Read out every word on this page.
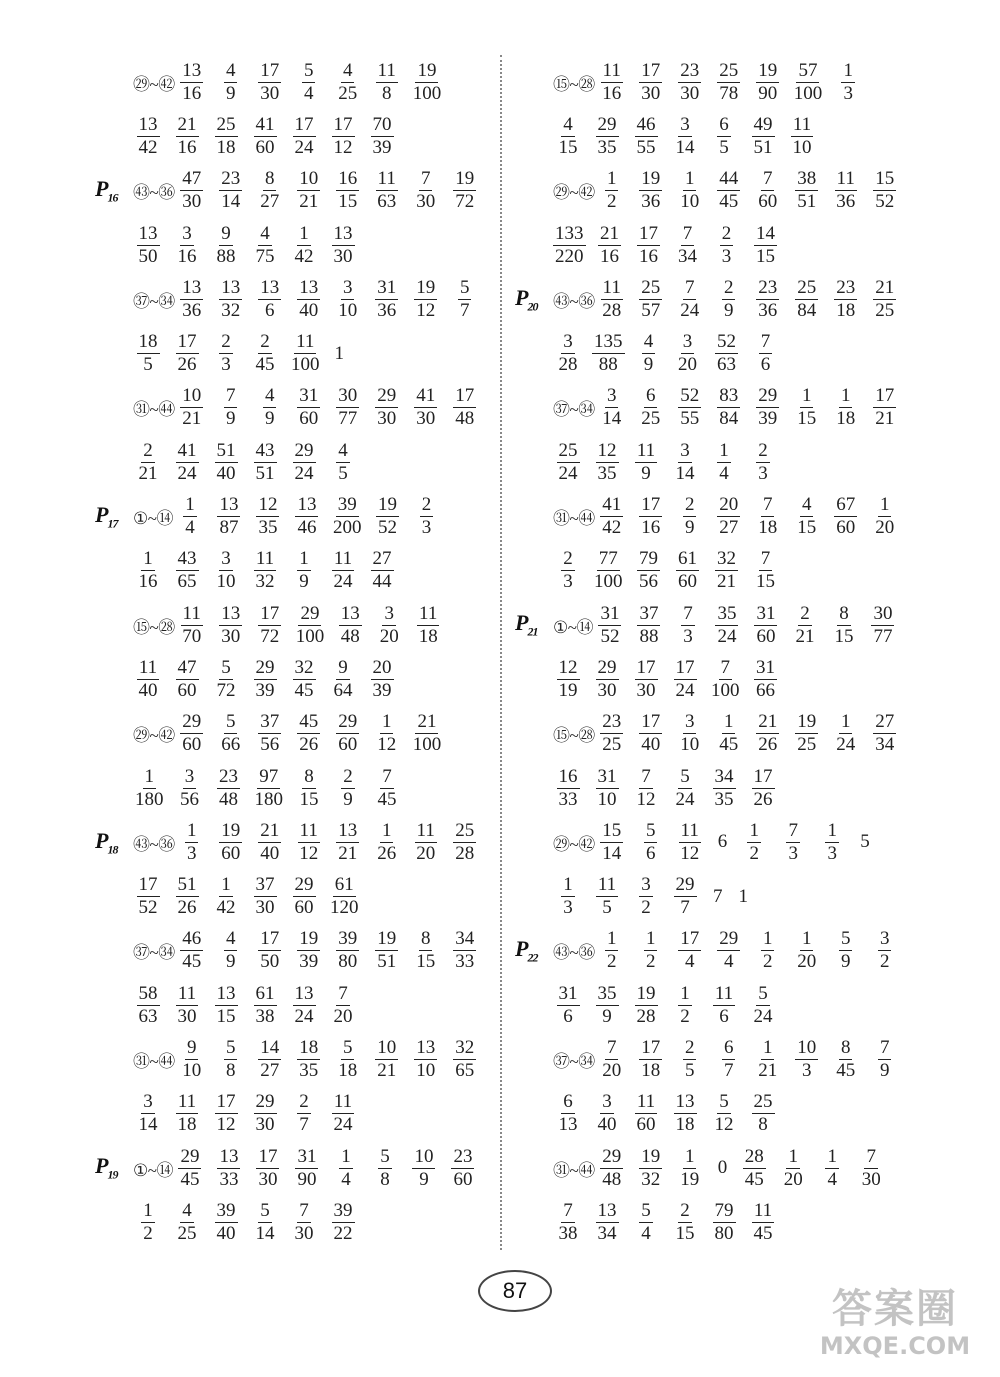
㉙~㊷ $\frac{13}{16} \frac{4}{9} \frac{17}{30} \frac{5}{4} \frac{4}{25} \frac{11}{8} \frac{19}{100}$
$\frac{13}{42} \frac{21}{16} \frac{25}{18} \frac{41}{60} \frac{17}{24} \frac{17}{12} \frac{70}{39}$
$P_{16}$ ㊸~㊱ $\frac{47}{30} \frac{23}{14} \frac{8}{27} \frac{10}{21} \frac{16}{15} \frac{11}{63} \frac{7}{30} \frac{19}{72}$
$\frac{13}{50} \frac{3}{16} \frac{9}{88} \frac{4}{75} \frac{1}{42} \frac{13}{30}$
㊲~㉞ $\frac{13}{36} \frac{13}{32} \frac{13}{6} \frac{13}{40} \frac{3}{10} \frac{31}{36} \frac{19}{12} \frac{5}{7}$
$\frac{18}{5} \frac{17}{26} \frac{2}{3} \frac{2}{45} \frac{11}{100} 1$
㉛~㊹ $\frac{10}{21} \frac{7}{9} \frac{4}{9} \frac{31}{60} \frac{30}{77} \frac{29}{30} \frac{41}{30} \frac{17}{48}$
$\frac{2}{21} \frac{41}{24} \frac{51}{40} \frac{43}{51} \frac{29}{24} \frac{4}{5}$
$P_{17}$ ①~⑭ $\frac{1}{4} \frac{13}{87} \frac{12}{35} \frac{13}{46} \frac{39}{200} \frac{19}{52} \frac{2}{3}$
$\frac{1}{16} \frac{43}{65} \frac{3}{10} \frac{11}{32} \frac{1}{9} \frac{11}{24} \frac{27}{44}$
⑮~㉘ $\frac{11}{70} \frac{13}{30} \frac{17}{72} \frac{29}{100} \frac{13}{48} \frac{3}{20} \frac{11}{18}$
$\frac{11}{40} \frac{47}{60} \frac{5}{72} \frac{29}{39} \frac{32}{45} \frac{9}{64} \frac{20}{39}$
㉙~㊷ $\frac{29}{60} \frac{5}{66} \frac{37}{56} \frac{45}{26} \frac{29}{60} \frac{1}{12} \frac{21}{100}$
$\frac{1}{180} \frac{3}{56} \frac{23}{48} \frac{97}{180} \frac{8}{15} \frac{2}{9} \frac{7}{45}$
$P_{18}$ ㊸~㊱ $\frac{1}{3} \frac{19}{60} \frac{21}{40} \frac{11}{12} \frac{13}{21} \frac{1}{26} \frac{11}{20} \frac{25}{28}$
$\frac{17}{52} \frac{51}{26} \frac{1}{42} \frac{37}{30} \frac{29}{60} \frac{61}{120}$
㊲~㉞ $\frac{46}{45} \frac{4}{9} \frac{17}{50} \frac{19}{39} \frac{39}{80} \frac{19}{51} \frac{8}{15} \frac{34}{33}$
$\frac{58}{63} \frac{11}{30} \frac{13}{15} \frac{61}{38} \frac{13}{24} \frac{7}{20}$
㉛~㊹ $\frac{9}{10} \frac{5}{8} \frac{14}{27} \frac{18}{35} \frac{5}{18} \frac{10}{21} \frac{13}{10} \frac{32}{65}$
$\frac{3}{14} \frac{11}{18} \frac{17}{12} \frac{29}{30} \frac{2}{7} \frac{11}{24}$
$P_{19}$ ①~⑭ $\frac{29}{45} \frac{13}{33} \frac{17}{30} \frac{31}{90} \frac{1}{4} \frac{5}{8} \frac{10}{9} \frac{23}{60}$
$\frac{1}{2} \frac{4}{25} \frac{39}{40} \frac{5}{14} \frac{7}{30} \frac{39}{22}$
⑮~㉘ $\frac{11}{16} \frac{17}{30} \frac{23}{30} \frac{25}{78} \frac{19}{90} \frac{57}{100} \frac{1}{3}$
$\frac{4}{15} \frac{29}{35} \frac{46}{55} \frac{3}{14} \frac{6}{5} \frac{49}{51} \frac{11}{10}$
㉙~㊷ $\frac{1}{2} \frac{19}{36} \frac{1}{10} \frac{44}{45} \frac{7}{60} \frac{38}{51} \frac{11}{36} \frac{15}{52}$
$\frac{133}{220} \frac{21}{16} \frac{17}{16} \frac{7}{34} \frac{2}{3} \frac{14}{15}$
$P_{20}$ ㊸~㊱ $\frac{11}{28} \frac{25}{57} \frac{7}{24} \frac{2}{9} \frac{23}{36} \frac{25}{84} \frac{23}{18} \frac{21}{25}$
$\frac{3}{28} \frac{135}{88} \frac{4}{9} \frac{3}{20} \frac{52}{63} \frac{7}{6}$
㊲~㉞ $\frac{3}{14} \frac{6}{25} \frac{52}{55} \frac{83}{84} \frac{29}{39} \frac{1}{15} \frac{1}{18} \frac{17}{21}$
$\frac{25}{24} \frac{12}{35} \frac{11}{9} \frac{3}{14} \frac{1}{4} \frac{2}{3}$
㉛~㊹ $\frac{41}{42} \frac{17}{16} \frac{2}{9} \frac{20}{27} \frac{7}{18} \frac{4}{15} \frac{67}{60} \frac{1}{20}$
$\frac{2}{3} \frac{77}{100} \frac{79}{56} \frac{61}{60} \frac{32}{21} \frac{7}{15}$
$P_{21}$ ①~⑭ $\frac{31}{52} \frac{37}{88} \frac{7}{3} \frac{35}{24} \frac{31}{60} \frac{2}{21} \frac{8}{15} \frac{30}{77}$
$\frac{12}{19} \frac{29}{30} \frac{17}{30} \frac{17}{24} \frac{7}{100} \frac{31}{66}$
⑮~㉘ $\frac{23}{25} \frac{17}{40} \frac{3}{10} \frac{1}{45} \frac{21}{26} \frac{19}{25} \frac{1}{24} \frac{27}{34}$
$\frac{16}{33} \frac{31}{10} \frac{7}{12} \frac{5}{24} \frac{34}{35} \frac{17}{26}$
㉙~㊷ $\frac{15}{14} \frac{5}{6} \frac{11}{12} 6 \frac{1}{2} \frac{7}{3} \frac{1}{3} 5$
$\frac{1}{3} \frac{11}{5} \frac{3}{2} \frac{29}{7} 7$ 1
$P_{22}$ ㊸~㊱ $\frac{1}{2} \frac{1}{2} \frac{17}{4} \frac{29}{4} \frac{1}{2} \frac{1}{20} \frac{5}{9} \frac{3}{2}$
$\frac{31}{6} \frac{35}{9} \frac{19}{28} \frac{1}{2} \frac{11}{6} \frac{5}{24}$
㊲~㉞ $\frac{7}{20} \frac{17}{18} \frac{2}{5} \frac{6}{7} \frac{1}{21} \frac{10}{3} \frac{8}{45} \frac{7}{9}$
$\frac{6}{13} \frac{3}{40} \frac{11}{60} \frac{13}{18} \frac{5}{12} \frac{25}{8}$
㉛~㊹ $\frac{29}{48} \frac{19}{32} \frac{1}{19} 0 \frac{28}{45} \frac{1}{20} \frac{1}{4} \frac{7}{30}$
$\frac{7}{38} \frac{13}{34} \frac{5}{4} \frac{2}{15} \frac{79}{80} \frac{11}{45}$
87	答案圈
MXQE.COM
